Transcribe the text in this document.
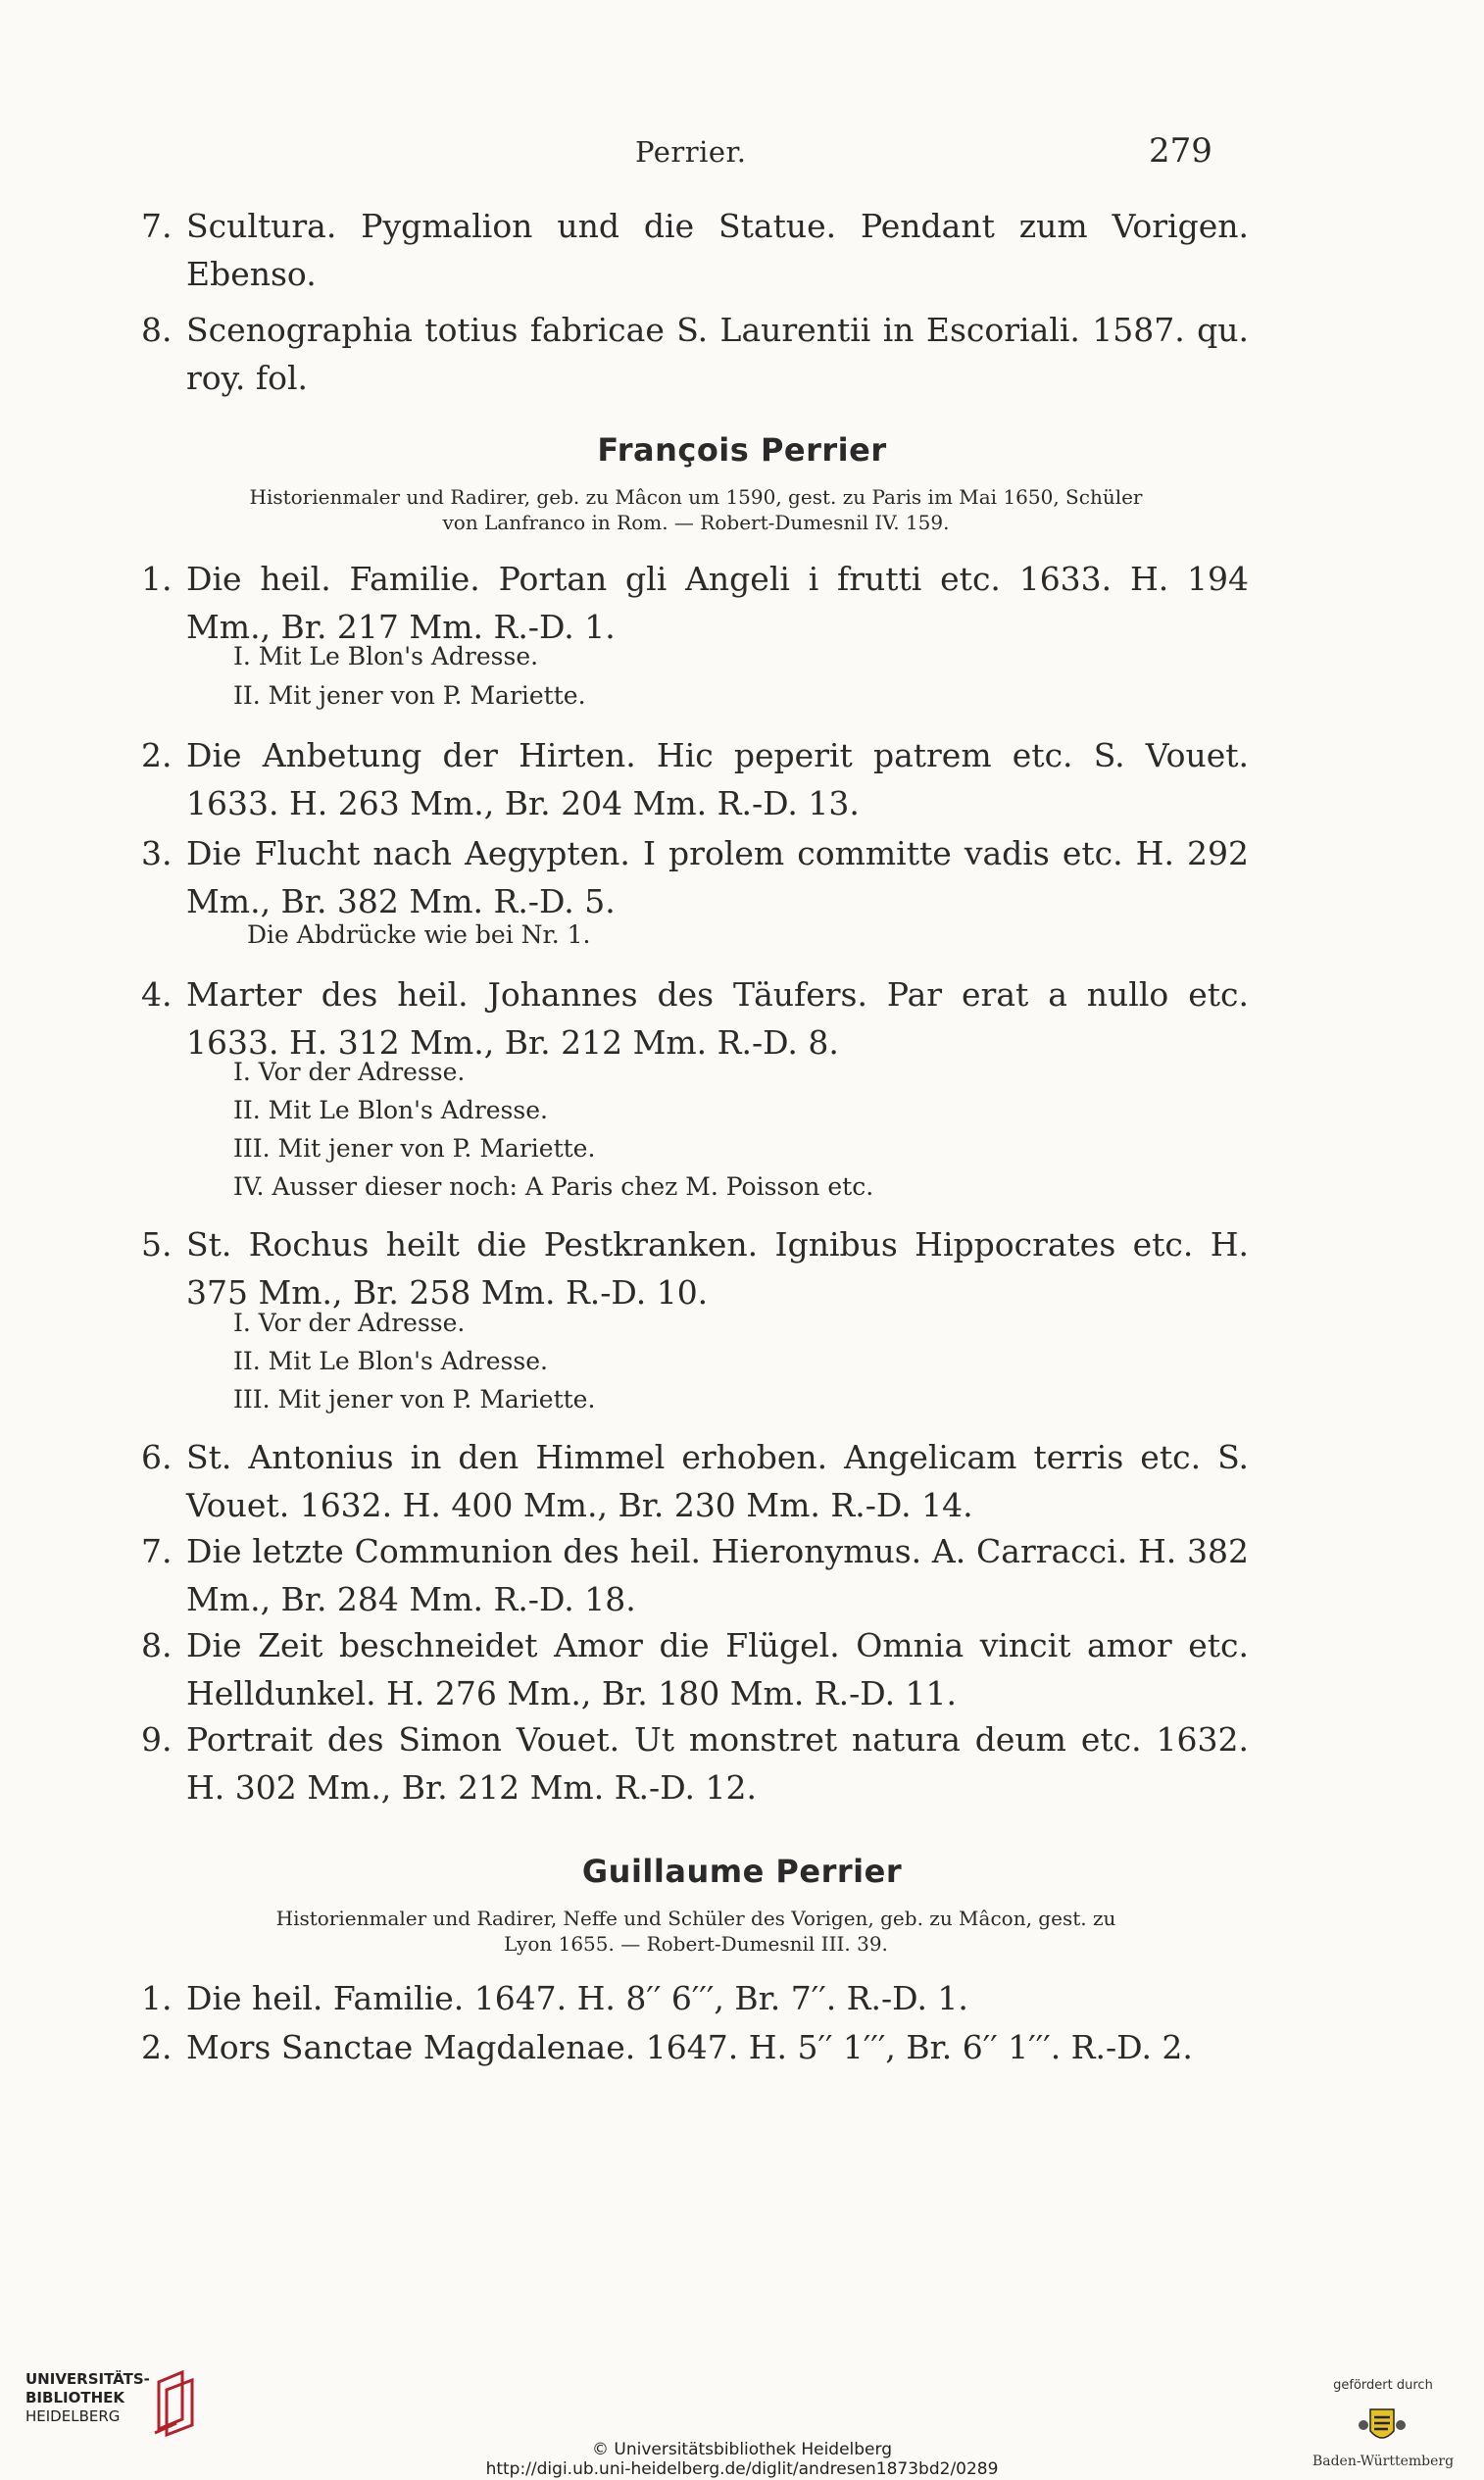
Perrier.	279
7. Scultura. Pygmalion und die Statue. Pendant zum Vorigen. Ebenso.
8. Scenographia totius fabricae S. Laurentii in Escoriali. 1587. qu. roy. fol.
François Perrier
Historienmaler und Radirer, geb. zu Mâcon um 1590, gest. zu Paris im Mai 1650, Schüler
von Lanfranco in Rom. — Robert-Dumesnil IV. 159.
1. Die heil. Familie. Portan gli Angeli i frutti etc. 1633. H. 194 Mm., Br. 217 Mm. R.-D. 1.
I. Mit Le Blon's Adresse.
II. Mit jener von P. Mariette.
2. Die Anbetung der Hirten. Hic peperit patrem etc. S. Vouet. 1633. H. 263 Mm., Br. 204 Mm. R.-D. 13.
3. Die Flucht nach Aegypten. I prolem committe vadis etc. H. 292 Mm., Br. 382 Mm. R.-D. 5.
Die Abdrücke wie bei Nr. 1.
4. Marter des heil. Johannes des Täufers. Par erat a nullo etc. 1633. H. 312 Mm., Br. 212 Mm. R.-D. 8.
I. Vor der Adresse.
II. Mit Le Blon's Adresse.
III. Mit jener von P. Mariette.
IV. Ausser dieser noch: A Paris chez M. Poisson etc.
5. St. Rochus heilt die Pestkranken. Ignibus Hippocrates etc. H. 375 Mm., Br. 258 Mm. R.-D. 10.
I. Vor der Adresse.
II. Mit Le Blon's Adresse.
III. Mit jener von P. Mariette.
6. St. Antonius in den Himmel erhoben. Angelicam terris etc. S. Vouet. 1632. H. 400 Mm., Br. 230 Mm. R.-D. 14.
7. Die letzte Communion des heil. Hieronymus. A. Carracci. H. 382 Mm., Br. 284 Mm. R.-D. 18.
8. Die Zeit beschneidet Amor die Flügel. Omnia vincit amor etc. Helldunkel. H. 276 Mm., Br. 180 Mm. R.-D. 11.
9. Portrait des Simon Vouet. Ut monstret natura deum etc. 1632. H. 302 Mm., Br. 212 Mm. R.-D. 12.
Guillaume Perrier
Historienmaler und Radirer, Neffe und Schüler des Vorigen, geb. zu Mâcon, gest. zu
Lyon 1655. — Robert-Dumesnil III. 39.
1. Die heil. Familie. 1647. H. 8′′ 6′′′, Br. 7′′. R.-D. 1.
2. Mors Sanctae Magdalenae. 1647. H. 5′′ 1′′′, Br. 6′′ 1′′′. R.-D. 2.
UNIVERSITÄTS-
BIBLIOTHEK
HEIDELBERG
© Universitätsbibliothek Heidelberg
http://digi.ub.uni-heidelberg.de/diglit/andresen1873bd2/0289
gefördert durch
Baden-Württemberg
